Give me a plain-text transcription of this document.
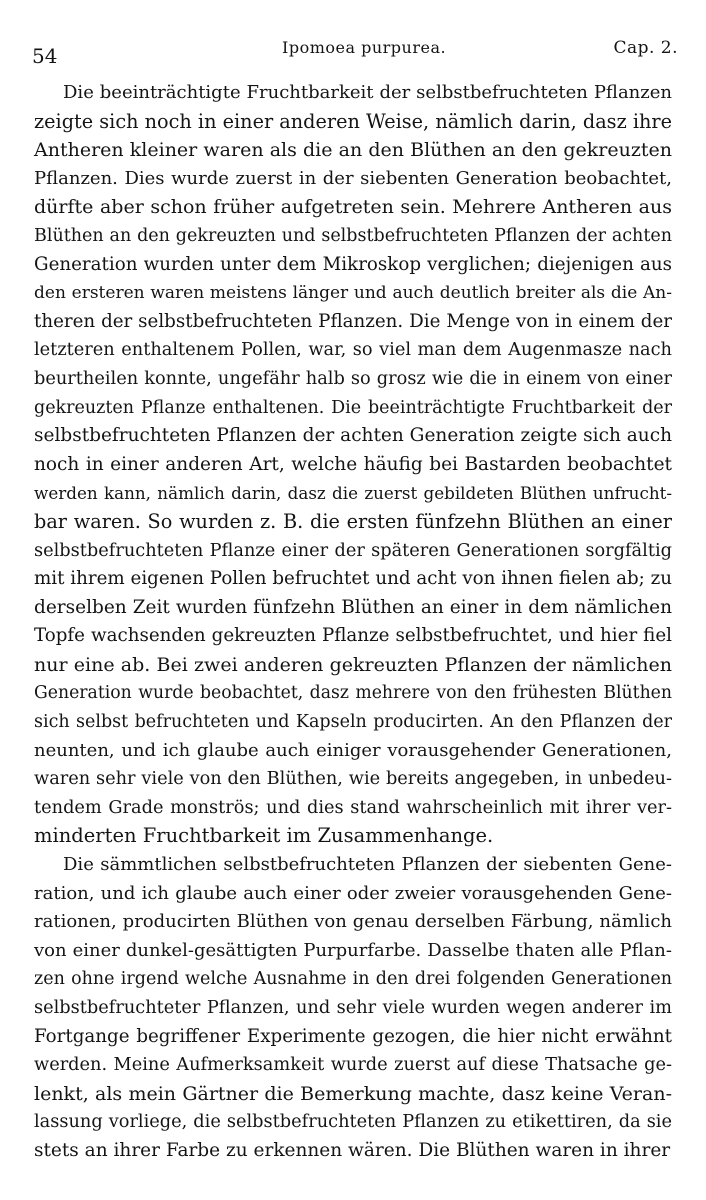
54	Ipomoea purpurea.	Cap. 2.
Die beeinträchtigte Fruchtbarkeit der selbstbefruchteten Pflanzen
zeigte sich noch in einer anderen Weise, nämlich darin, dasz ihre
Antheren kleiner waren als die an den Blüthen an den gekreuzten
Pflanzen. Dies wurde zuerst in der siebenten Generation beobachtet,
dürfte aber schon früher aufgetreten sein. Mehrere Antheren aus
Blüthen an den gekreuzten und selbstbefruchteten Pflanzen der achten
Generation wurden unter dem Mikroskop verglichen; diejenigen aus
den ersteren waren meistens länger und auch deutlich breiter als die An-
theren der selbstbefruchteten Pflanzen. Die Menge von in einem der
letzteren enthaltenem Pollen, war, so viel man dem Augenmasze nach
beurtheilen konnte, ungefähr halb so grosz wie die in einem von einer
gekreuzten Pflanze enthaltenen. Die beeinträchtigte Fruchtbarkeit der
selbstbefruchteten Pflanzen der achten Generation zeigte sich auch
noch in einer anderen Art, welche häufig bei Bastarden beobachtet
werden kann, nämlich darin, dasz die zuerst gebildeten Blüthen unfrucht-
bar waren. So wurden z. B. die ersten fünfzehn Blüthen an einer
selbstbefruchteten Pflanze einer der späteren Generationen sorgfältig
mit ihrem eigenen Pollen befruchtet und acht von ihnen fielen ab; zu
derselben Zeit wurden fünfzehn Blüthen an einer in dem nämlichen
Topfe wachsenden gekreuzten Pflanze selbstbefruchtet, und hier fiel
nur eine ab. Bei zwei anderen gekreuzten Pflanzen der nämlichen
Generation wurde beobachtet, dasz mehrere von den frühesten Blüthen
sich selbst befruchteten und Kapseln producirten. An den Pflanzen der
neunten, und ich glaube auch einiger vorausgehender Generationen,
waren sehr viele von den Blüthen, wie bereits angegeben, in unbedeu-
tendem Grade monströs; und dies stand wahrscheinlich mit ihrer ver-
minderten Fruchtbarkeit im Zusammenhange.
Die sämmtlichen selbstbefruchteten Pflanzen der siebenten Gene-
ration, und ich glaube auch einer oder zweier vorausgehenden Gene-
rationen, producirten Blüthen von genau derselben Färbung, nämlich
von einer dunkel-gesättigten Purpurfarbe. Dasselbe thaten alle Pflan-
zen ohne irgend welche Ausnahme in den drei folgenden Generationen
selbstbefruchteter Pflanzen, und sehr viele wurden wegen anderer im
Fortgange begriffener Experimente gezogen, die hier nicht erwähnt
werden. Meine Aufmerksamkeit wurde zuerst auf diese Thatsache ge-
lenkt, als mein Gärtner die Bemerkung machte, dasz keine Veran-
lassung vorliege, die selbstbefruchteten Pflanzen zu etikettiren, da sie
stets an ihrer Farbe zu erkennen wären. Die Blüthen waren in ihrer
